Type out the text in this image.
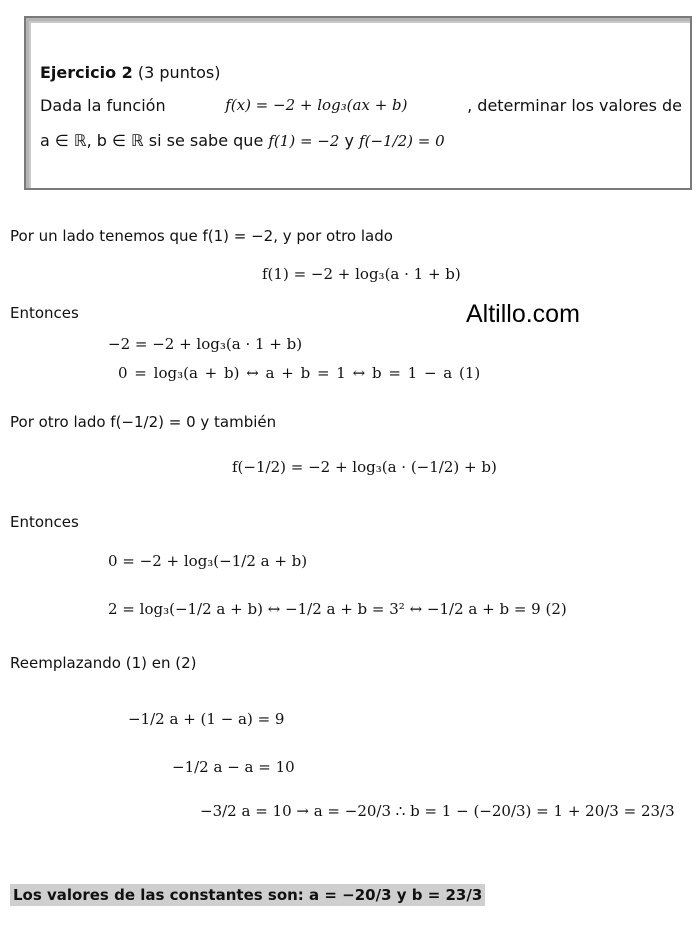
Ejercicio 2 (3 puntos)
Dada la función	f(x) = −2 + log₃(ax + b)	, determinar los valores de
a ∈ ℝ, b ∈ ℝ si se sabe que f(1) = −2 y f(−1/2) = 0
Por un lado tenemos que f(1) = −2, y por otro lado
f(1) = −2 + log₃(a · 1 + b)
Entonces	Altillo.com
−2 = −2 + log₃(a · 1 + b)
0 = log₃(a + b) ↔ a + b = 1 ↔ b = 1 − a (1)
Por otro lado f(−1/2) = 0 y también
f(−1/2) = −2 + log₃(a · (−1/2) + b)
Entonces
0 = −2 + log₃(−1/2 a + b)
2 = log₃(−1/2 a + b) ↔ −1/2 a + b = 3² ↔ −1/2 a + b = 9 (2)
Reemplazando (1) en (2)
−1/2 a + (1 − a) = 9
−1/2 a − a = 10
−3/2 a = 10 → a = −20/3 ∴ b = 1 − (−20/3) = 1 + 20/3 = 23/3
Los valores de las constantes son: a = −20/3 y b = 23/3
